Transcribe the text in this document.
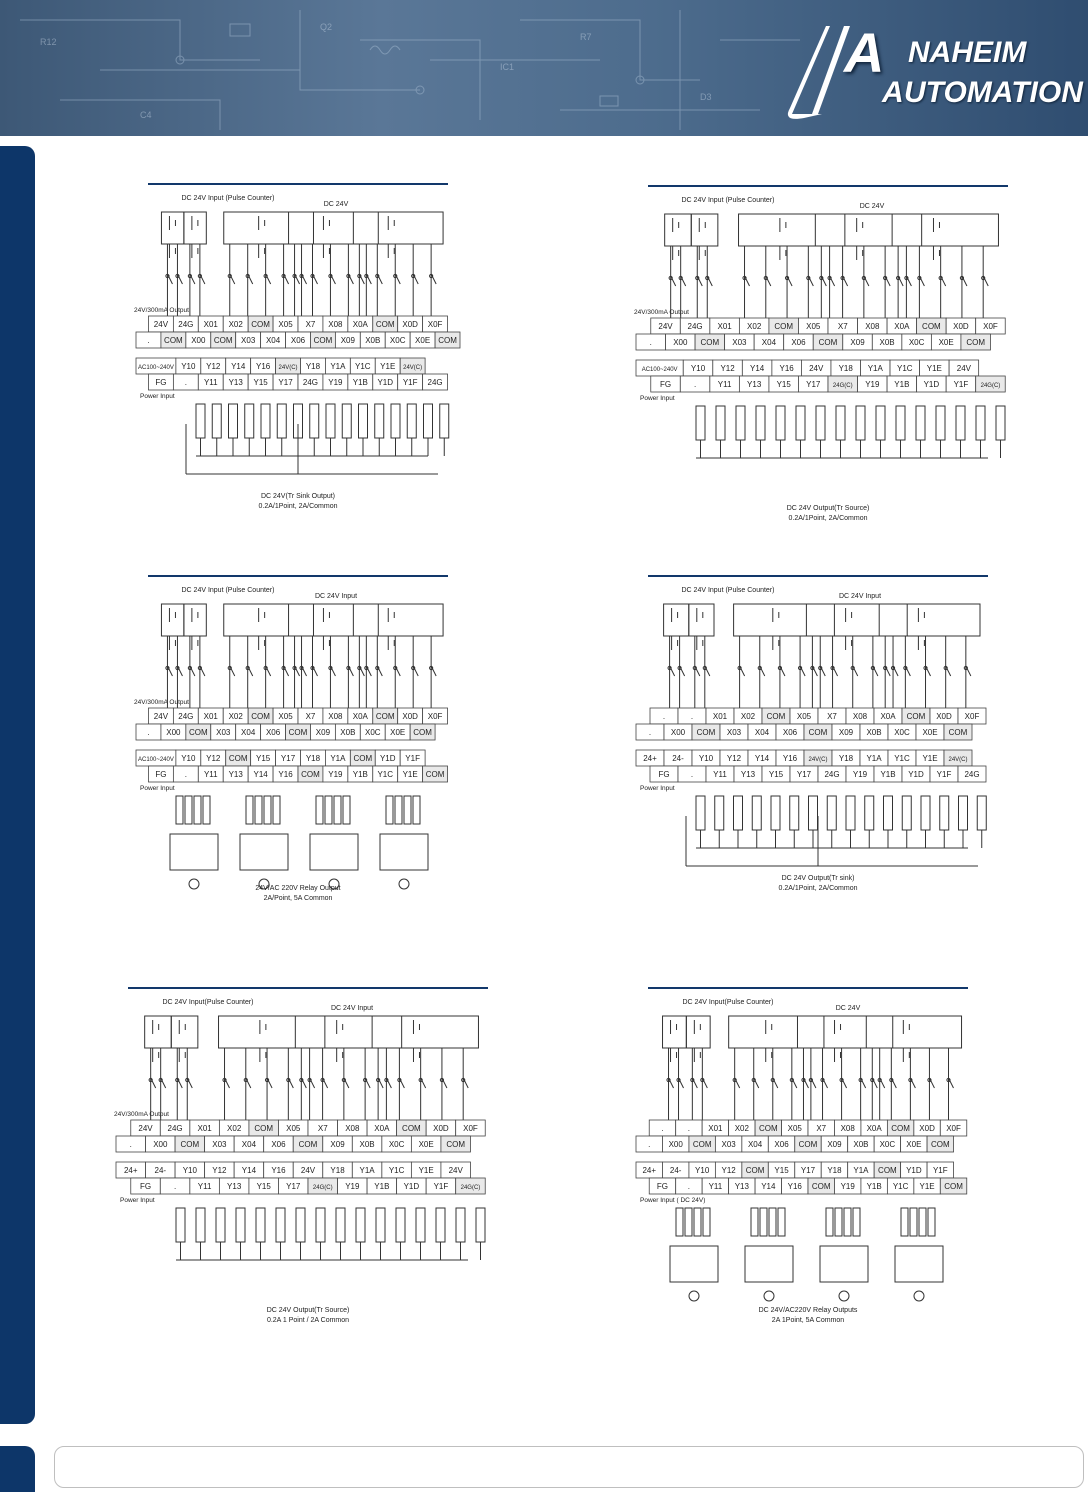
R12
C4
Q2
IC1
R7
D3
A NAHEIM
A UTOMATION
DC 24V Input (Pulse Counter)
DC 24V
24V/300mA Output
24V 24G X01 X02 COM X05 X7 X08 X0A COM X0D X0F
. COM X00 COM X03 X04 X06 COM X09 X0B X0C X0E COM
AC100~240V Y10 Y12 Y14 Y16 24V(C) Y18 Y1A Y1C Y1E 24V(C)
FG . Y11 Y13 Y15 Y17 24G Y19 Y1B Y1D Y1F 24G
Power Input
DC 24V(Tr Sink Output)
0.2A/1Point, 2A/Common
DC 24V Input (Pulse Counter)
DC 24V
24V/300mA Output
24V 24G X01 X02 COM X05 X7 X08 X0A COM X0D X0F
.	X00 COM X03 X04 X06 COM X09 X0B X0C X0E COM
AC100~240V Y10 Y12 Y14 Y16 24V Y18 Y1A Y1C Y1E 24V
FG	.	Y11 Y13 Y15 Y17 24G(C) Y19 Y1B Y1D Y1F 24G(C)
Power Input
DC 24V Output(Tr Source)
0.2A/1Point, 2A/Common
DC 24V Input (Pulse Counter)
DC 24V Input
24V/300mA Output
24V 24G X01 X02 COM X05 X7 X08 X0A COM X0D X0F
. X00 COM X03 X04 X06 COM X09 X0B X0C X0E COM
AC100~240V Y10 Y12 COM Y15 Y17 Y18 Y1A COM Y1D Y1F
FG . Y11 Y13 Y14 Y16 COM Y19 Y1B Y1C Y1E COM
Power Input
24V/AC 220V Relay Output
2A/Point, 5A Common
DC 24V Input (Pulse Counter)
DC 24V Input
.	. X01 X02 COM X05 X7 X08 X0A COM X0D X0F
. X00 COM X03 X04 X06 COM X09 X0B X0C X0E COM
24+ 24- Y10 Y12 Y14 Y16 24V(C) Y18 Y1A Y1C Y1E 24V(C)
FG	.	Y11 Y13 Y15 Y17 24G Y19 Y1B Y1D Y1F 24G
Power Input
DC 24V Output(Tr sink)
0.2A/1Point, 2A/Common
DC 24V Input(Pulse Counter)
DC 24V Input
24V/300mA Output
24V 24G X01 X02 COM X05 X7 X08 X0A COM X0D X0F
.	X00 COM X03 X04 X06 COM X09 X0B X0C X0E COM
24+ 24- Y10 Y12 Y14 Y16 24V Y18 Y1A Y1C Y1E 24V
FG	.	Y11 Y13 Y15 Y17 24G(C) Y19 Y1B Y1D Y1F 24G(C)
Power Input
DC 24V Output(Tr Source)
0.2A 1 Point / 2A Common
DC 24V Input(Pulse Counter)
DC 24V
.	. X01 X02 COM X05 X7 X08 X0A COM X0D X0F
. X00 COM X03 X04 X06 COM X09 X0B X0C X0E COM
24+ 24- Y10 Y12 COM Y15 Y17 Y18 Y1A COM Y1D Y1F
FG . Y11 Y13 Y14 Y16 COM Y19 Y1B Y1C Y1E COM
Power Input ( DC 24V)
DC 24V/AC220V Relay Outputs
2A 1Point, 5A Common
